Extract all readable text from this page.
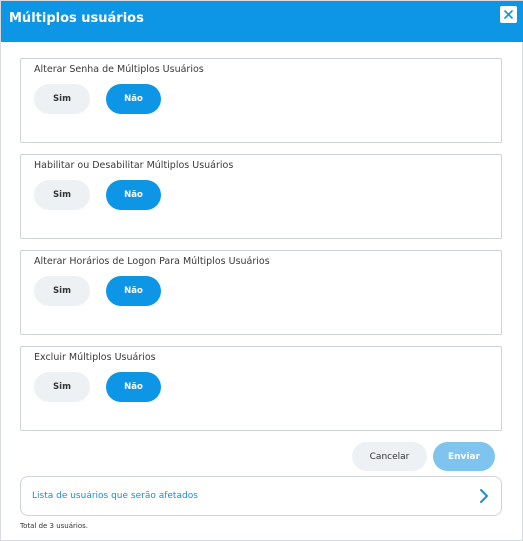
Múltiplos usuários
Alterar Senha de Múltiplos Usuários
Sim	Não
Habilitar ou Desabilitar Múltiplos Usuários
Sim	Não
Alterar Horários de Logon Para Múltiplos Usuários
Sim	Não
Excluir Múltiplos Usuários
Sim	Não
Cancelar	Enviar
Lista de usuários que serão afetados
Total de 3 usuários.
